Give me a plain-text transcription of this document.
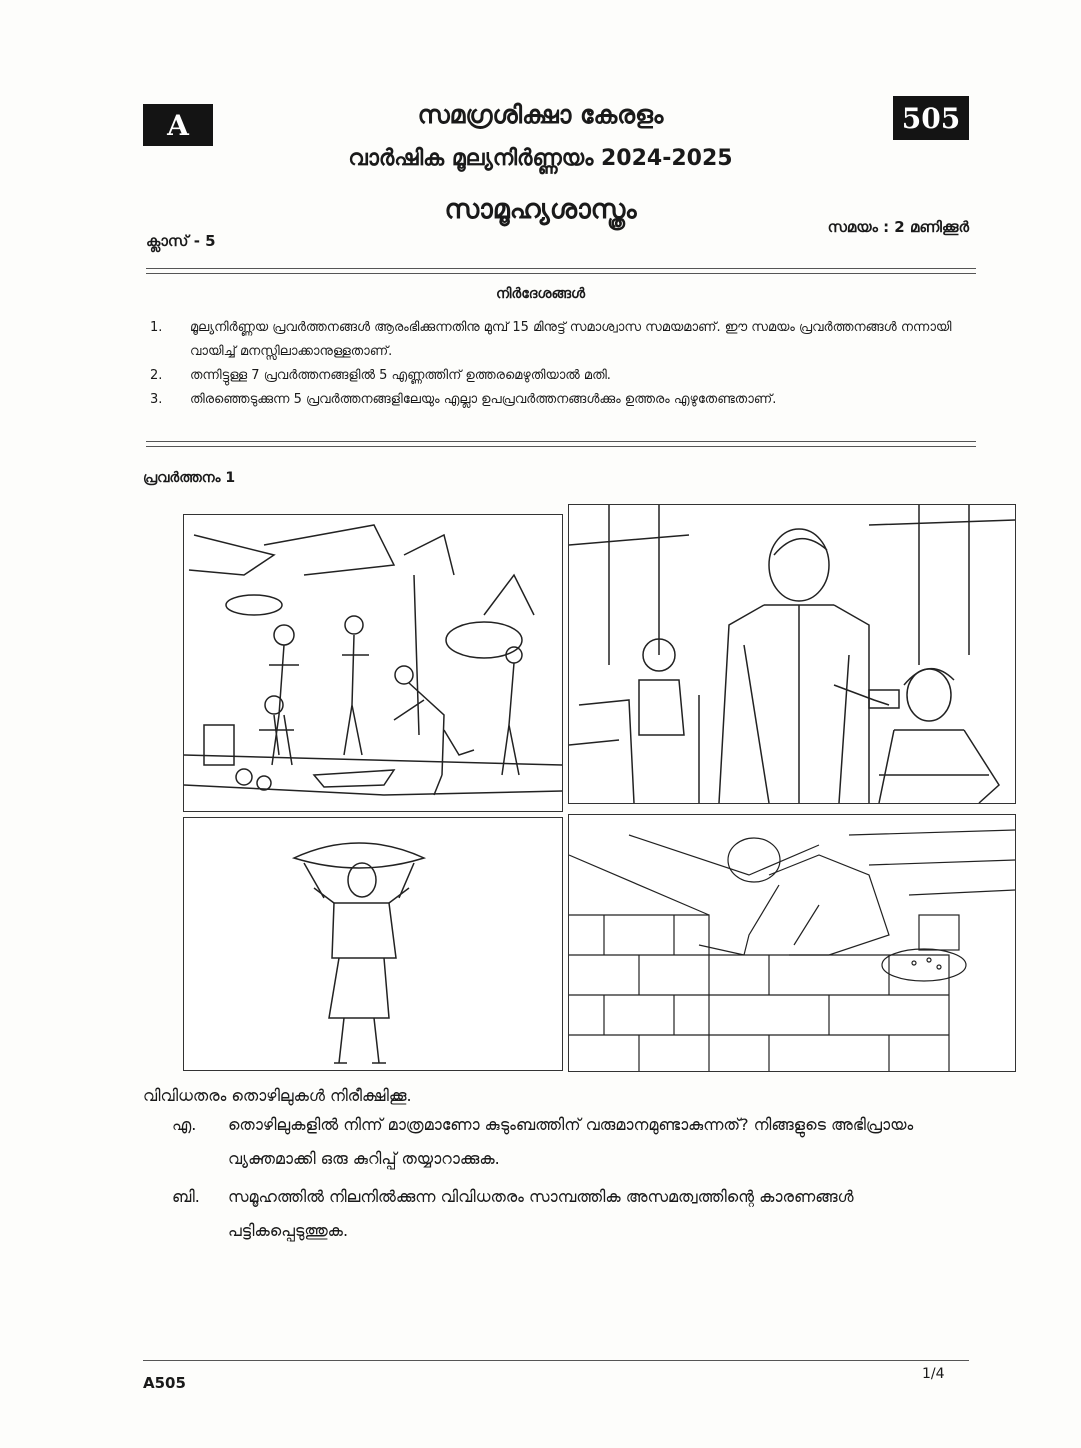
A	505
സമഗ്രശിക്ഷാ കേരളം
വാർഷിക മൂല്യനിർണ്ണയം 2024-2025
സാമൂഹ്യശാസ്ത്രം
ക്ലാസ് - 5
സമയം : 2 മണിക്കൂർ
നിർദേശങ്ങൾ
1.	മൂല്യനിർണ്ണയ പ്രവർത്തനങ്ങൾ ആരംഭിക്കുന്നതിനു മുമ്പ് 15 മിനുട്ട് സമാശ്വാസ സമയമാണ്. ഈ സമയം പ്രവർത്തനങ്ങൾ നന്നായി വായിച്ച് മനസ്സിലാക്കാനുള്ളതാണ്.
2.	തന്നിട്ടുള്ള 7 പ്രവർത്തനങ്ങളിൽ 5 എണ്ണത്തിന് ഉത്തരമെഴുതിയാൽ മതി.
3.	തിരഞ്ഞെടുക്കുന്ന 5 പ്രവർത്തനങ്ങളിലേയും എല്ലാ ഉപപ്രവർത്തനങ്ങൾക്കും ഉത്തരം എഴുതേണ്ടതാണ്.
പ്രവർത്തനം 1
വിവിധതരം തൊഴിലുകൾ നിരീക്ഷിക്കൂ.
എ.	തൊഴിലുകളിൽ നിന്ന് മാത്രമാണോ കുടുംബത്തിന് വരുമാനമുണ്ടാകുന്നത്? നിങ്ങളുടെ അഭിപ്രായം വ്യക്തമാക്കി ഒരു കുറിപ്പ് തയ്യാറാക്കുക.
ബി.	സമൂഹത്തിൽ നിലനിൽക്കുന്ന വിവിധതരം സാമ്പത്തിക അസമത്വത്തിന്റെ കാരണങ്ങൾ പട്ടികപ്പെടുത്തുക.
A505	1/4
